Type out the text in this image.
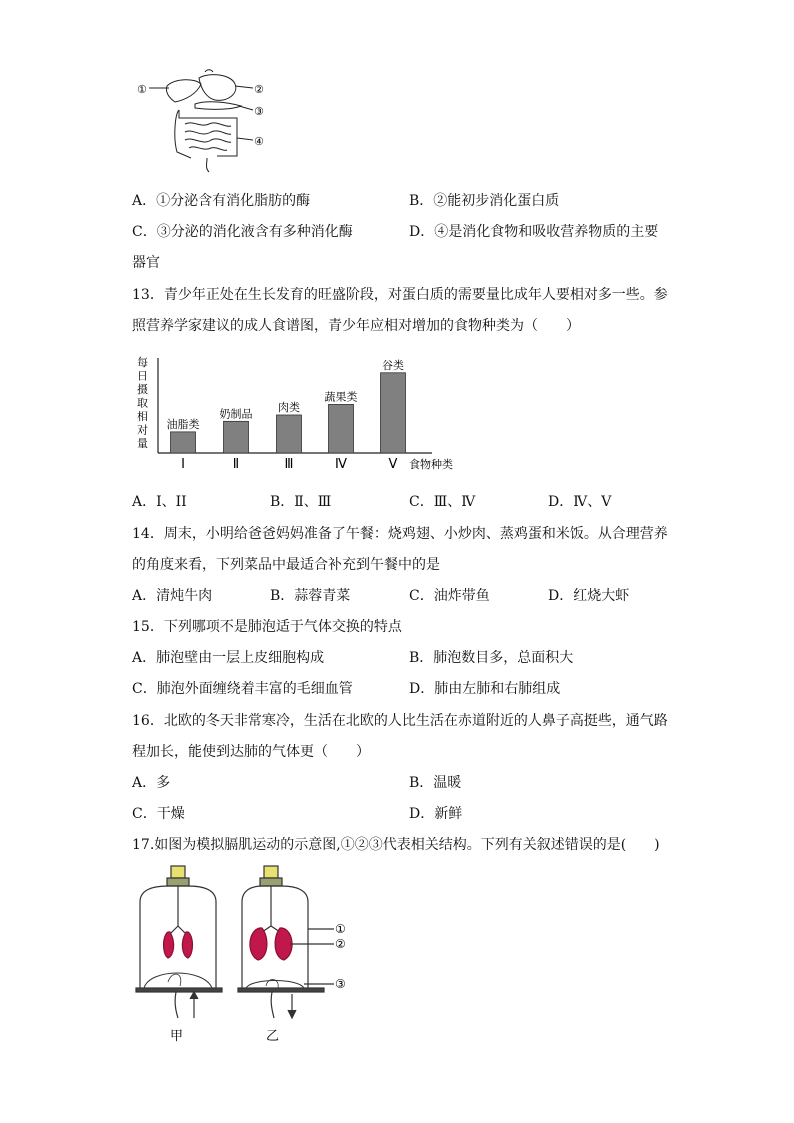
①	②
③
④
A．①分泌含有消化脂肪的酶	B．②能初步消化蛋白质
C．③分泌的消化液含有多种消化酶	D．④是消化食物和吸收营养物质的主要
器官
13．青少年正处在生长发育的旺盛阶段，对蛋白质的需要量比成年人要相对多一些。参
照营养学家建议的成人食谱图，青少年应相对增加的食物种类为（　　）
每
日
摄
取
相
对
量
油脂类
I
奶制品
Ⅱ
肉类
Ⅲ
蔬果类
Ⅳ
谷类
Ⅴ 食物种类
A．I、II	B．Ⅱ、Ⅲ	C．Ⅲ、Ⅳ	D．Ⅳ、Ⅴ
14．周末，小明给爸爸妈妈准备了午餐：烧鸡翅、小炒肉、蒸鸡蛋和米饭。从合理营养
的角度来看，下列菜品中最适合补充到午餐中的是
A．清炖牛肉	B．蒜蓉青菜	C．油炸带鱼	D．红烧大虾
15．下列哪项不是肺泡适于气体交换的特点
A．肺泡壁由一层上皮细胞构成	B．肺泡数目多，总面积大
C．肺泡外面缠绕着丰富的毛细血管	D．肺由左肺和右肺组成
16．北欧的冬天非常寒冷，生活在北欧的人比生活在赤道附近的人鼻子高挺些，通气路
程加长，能使到达肺的气体更（　　）
A．多	B．温暖
C．干燥	D．新鲜
17.如图为模拟膈肌运动的示意图,①②③代表相关结构。下列有关叙述错误的是(　　)
①
②
③
甲	乙
